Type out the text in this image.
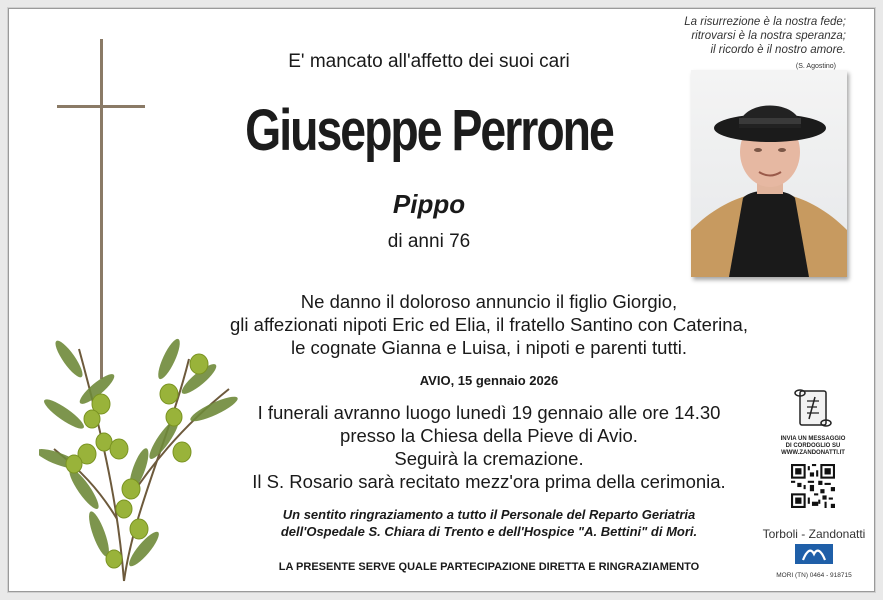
La risurrezione è la nostra fede;
ritrovarsi è la nostra speranza;
il ricordo è il nostro amore.
(S. Agostino)
E' mancato all'affetto dei suoi cari
Giuseppe Perrone
Pippo
di anni 76
Ne danno il doloroso annuncio il figlio Giorgio,
gli affezionati nipoti Eric ed Elia, il fratello Santino con Caterina,
le cognate Gianna e Luisa, i nipoti e parenti tutti.
AVIO, 15 gennaio 2026
I funerali avranno luogo lunedì 19 gennaio alle ore 14.30
presso la Chiesa della Pieve di Avio.
Seguirà la cremazione.
Il S. Rosario sarà recitato mezz'ora prima della cerimonia.
Un sentito ringraziamento a tutto il Personale del Reparto Geriatria
dell'Ospedale S. Chiara di Trento e dell'Hospice "A. Bettini" di Mori.
LA PRESENTE SERVE QUALE PARTECIPAZIONE DIRETTA E RINGRAZIAMENTO
INVIA UN MESSAGGIO
DI CORDOGLIO SU
WWW.ZANDONATTI.IT
Torboli - Zandonatti
MORI (TN) 0464 - 918715
